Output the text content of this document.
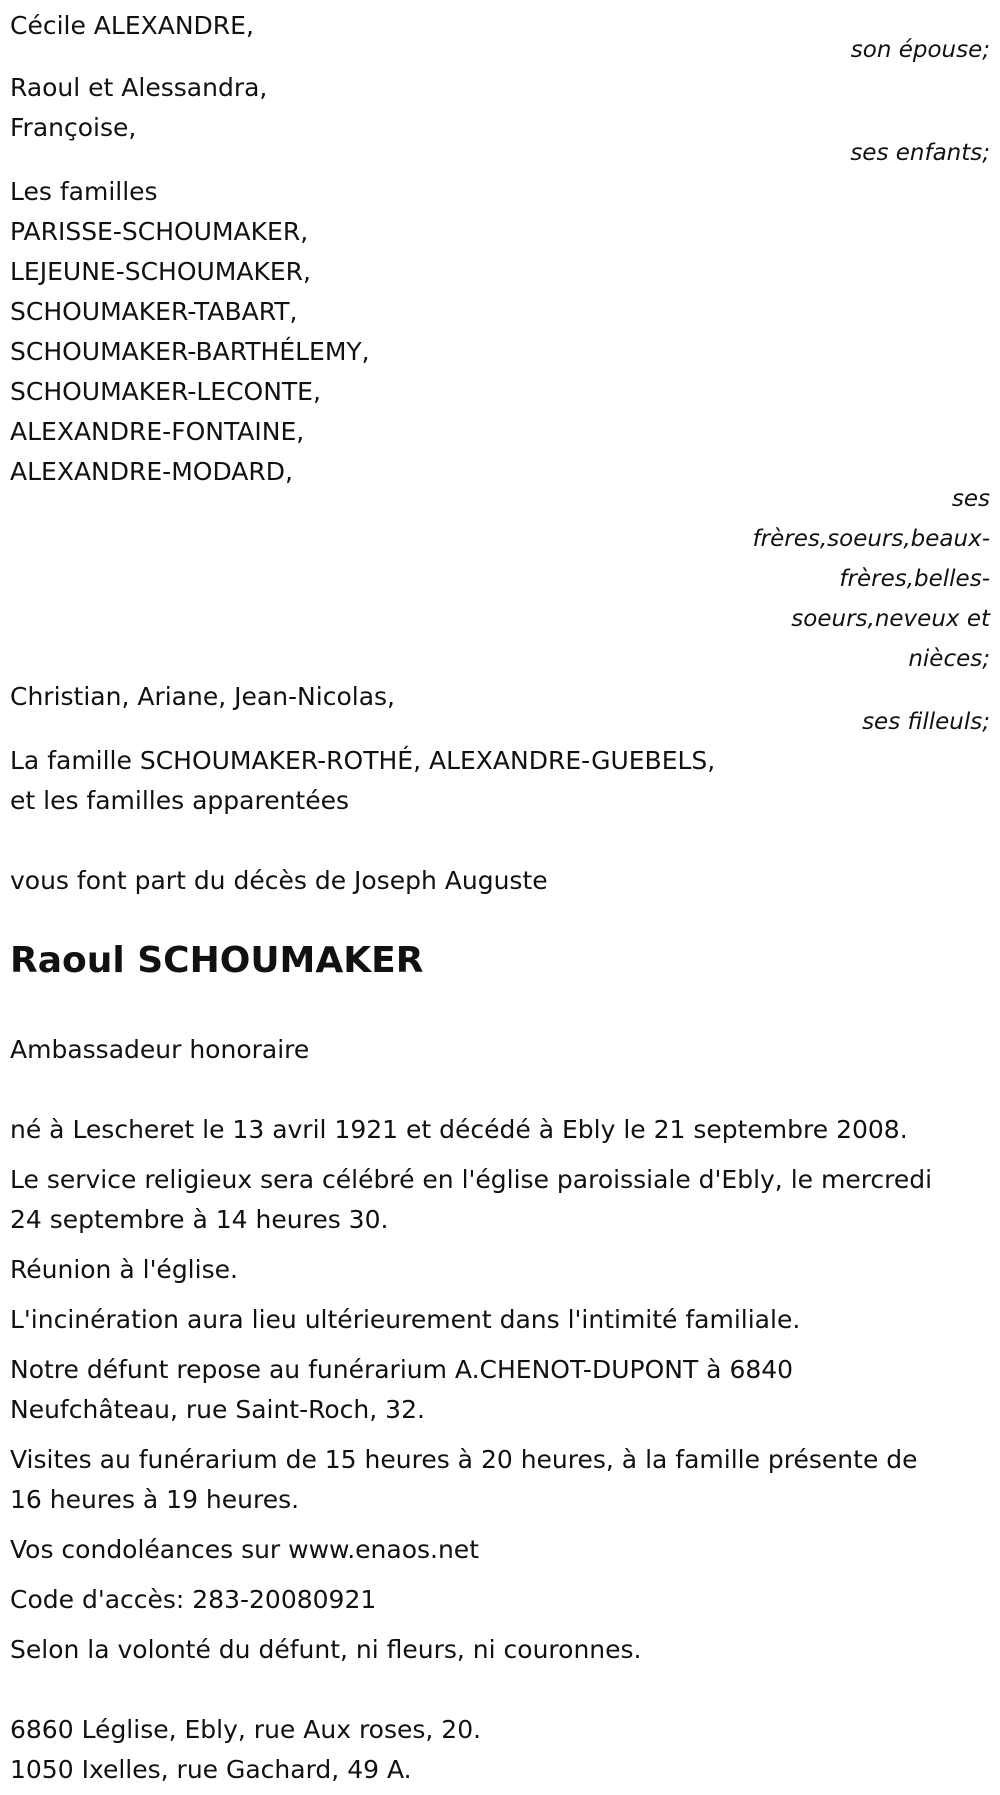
Cécile ALEXANDRE,

son épouse;

Raoul et Alessandra,

Françoise,

ses enfants;

Les familles

PARISSE-SCHOUMAKER,

LEJEUNE-SCHOUMAKER,

SCHOUMAKER-TABART,

SCHOUMAKER-BARTHÉLEMY,

SCHOUMAKER-LECONTE,

ALEXANDRE-FONTAINE,

ALEXANDRE-MODARD,

ses

frères,soeurs,beaux-

frères,belles-

soeurs,neveux et

nièces;

Christian, Ariane, Jean-Nicolas,

ses filleuls;

La famille SCHOUMAKER-ROTHÉ, ALEXANDRE-GUEBELS,

et les familles apparentées

vous font part du décès de Joseph Auguste

Raoul SCHOUMAKER

Ambassadeur honoraire

né à Lescheret le 13 avril 1921 et décédé à Ebly le 21 septembre 2008.

Le service religieux sera célébré en l'église paroissiale d'Ebly, le mercredi

24 septembre à 14 heures 30.

Réunion à l'église.

L'incinération aura lieu ultérieurement dans l'intimité familiale.

Notre défunt repose au funérarium A.CHENOT-DUPONT à 6840

Neufchâteau, rue Saint-Roch, 32.

Visites au funérarium de 15 heures à 20 heures, à la famille présente de

16 heures à 19 heures.

Vos condoléances sur www.enaos.net

Code d'accès: 283-20080921

Selon la volonté du défunt, ni fleurs, ni couronnes.

6860 Léglise, Ebly, rue Aux roses, 20.

1050 Ixelles, rue Gachard, 49 A.
